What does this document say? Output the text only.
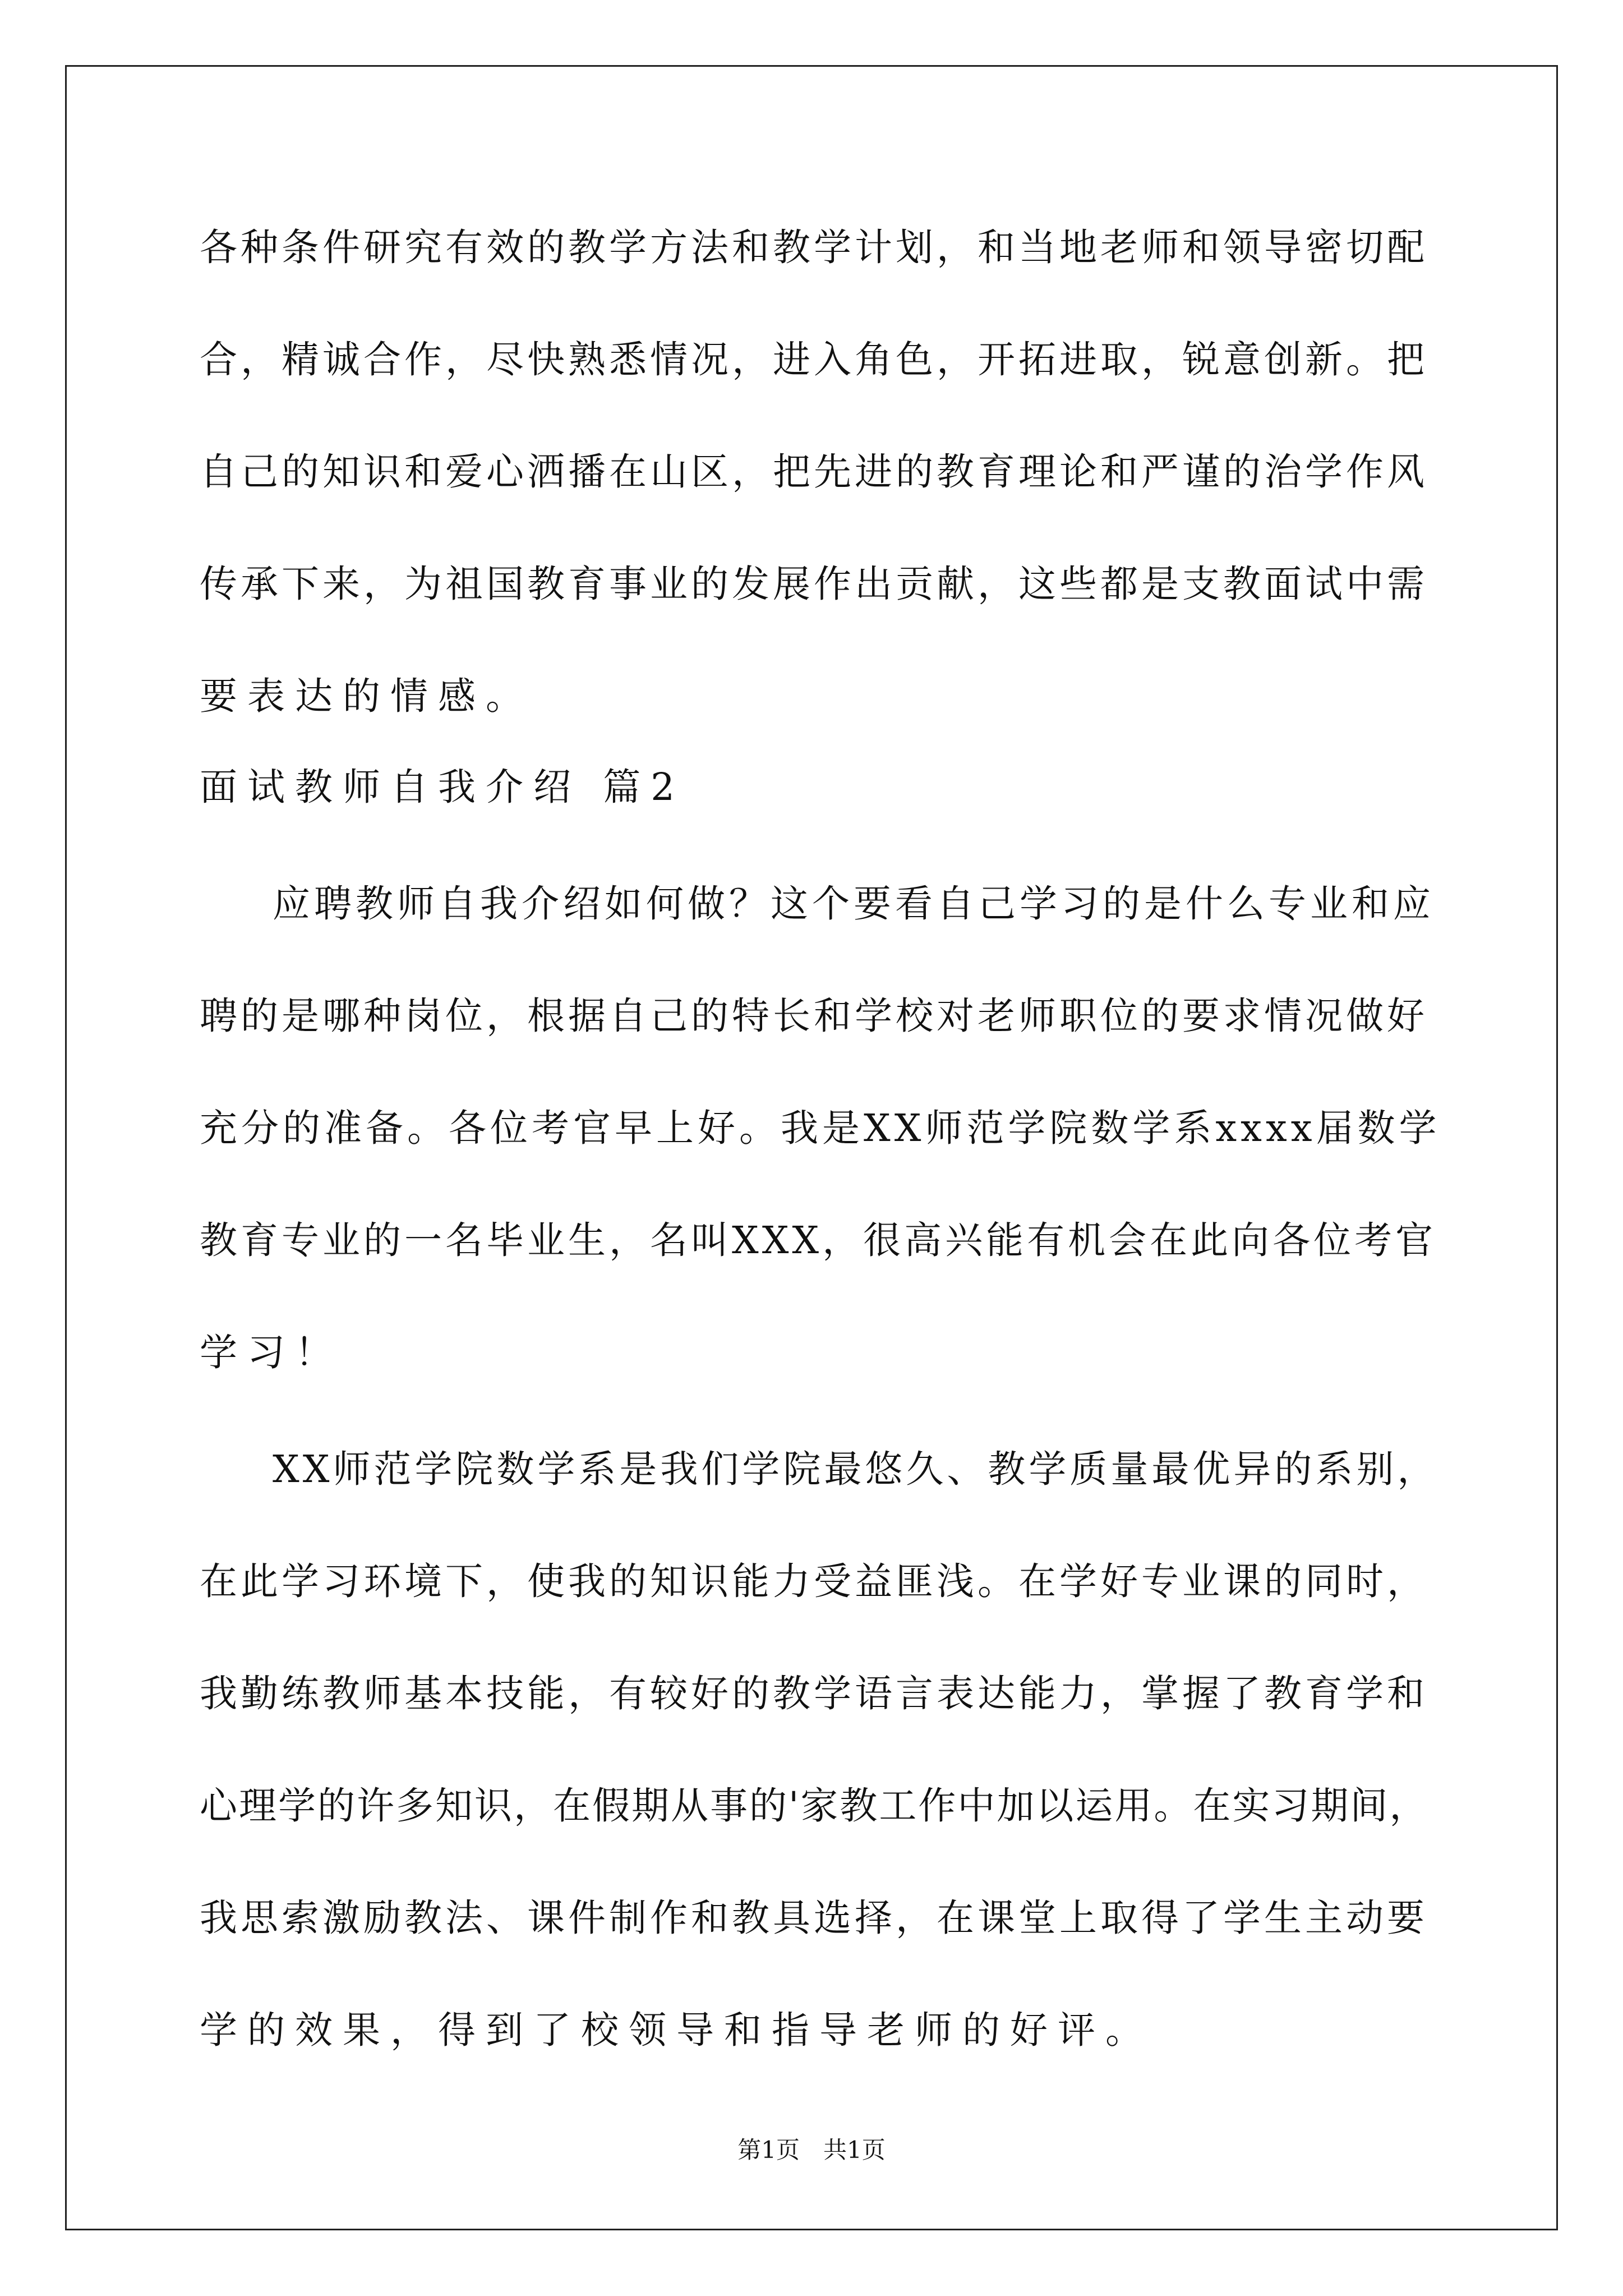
各种条件研究有效的教学方法和教学计划，和当地老师和领导密切配
合，精诚合作，尽快熟悉情况，进入角色，开拓进取，锐意创新。把
自己的知识和爱心洒播在山区，把先进的教育理论和严谨的治学作风
传承下来，为祖国教育事业的发展作出贡献，这些都是支教面试中需
要表达的情感。
面试教师自我介绍 篇2
应聘教师自我介绍如何做？这个要看自己学习的是什么专业和应
聘的是哪种岗位，根据自己的特长和学校对老师职位的要求情况做好
充分的准备。各位考官早上好。我是XX师范学院数学系xxxx届数学
教育专业的一名毕业生，名叫XXX，很高兴能有机会在此向各位考官
学习！
XX师范学院数学系是我们学院最悠久、教学质量最优异的系别，
在此学习环境下，使我的知识能力受益匪浅。在学好专业课的同时，
我勤练教师基本技能，有较好的教学语言表达能力，掌握了教育学和
心理学的许多知识，在假期从事的'家教工作中加以运用。在实习期间，
我思索激励教法、课件制作和教具选择，在课堂上取得了学生主动要
学的效果，得到了校领导和指导老师的好评。
第1页　共1页
